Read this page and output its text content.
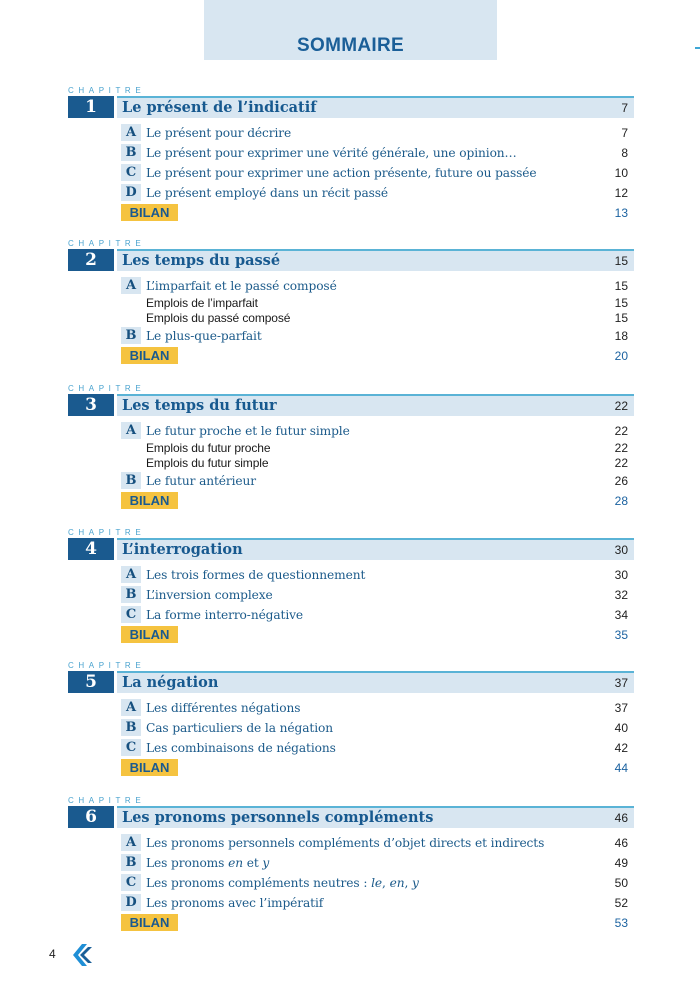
SOMMAIRE
CHAPITRE
1	Le présent de l’indicatif	7
A Le présent pour décrire	7
B Le présent pour exprimer une vérité générale, une opinion…	8
C Le présent pour exprimer une action présente, future ou passée	10
D Le présent employé dans un récit passé	12
BILAN	13
CHAPITRE
2	Les temps du passé	15
A L’imparfait et le passé composé	15
Emplois de l’imparfait	15
Emplois du passé composé	15
B Le plus-que-parfait	18
BILAN	20
CHAPITRE
3	Les temps du futur	22
A Le futur proche et le futur simple	22
Emplois du futur proche	22
Emplois du futur simple	22
B Le futur antérieur	26
BILAN	28
CHAPITRE
4	L’interrogation	30
A Les trois formes de questionnement	30
B L’inversion complexe	32
C La forme interro-négative	34
BILAN	35
CHAPITRE
5	La négation	37
A Les différentes négations	37
B Cas particuliers de la négation	40
C Les combinaisons de négations	42
BILAN	44
CHAPITRE
6	Les pronoms personnels compléments	46
A Les pronoms personnels compléments d’objet directs et indirects	46
B Les pronoms en et y	49
C Les pronoms compléments neutres : le, en, y	50
D Les pronoms avec l’impératif	52
BILAN	53
4
